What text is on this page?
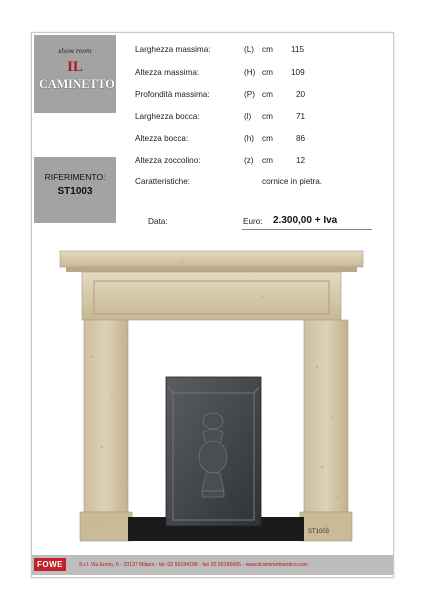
show room
IL
CAMINETTO
RIFERIMENTO:
ST1003
Larghezza massima:	(L) cm 115
Altezza massima:	(H) cm 109
Profondità massima:	(P) cm	20
Larghezza bocca:	(l) cm	71
Altezza bocca:	(h) cm	86
Altezza zoccolino:	(z) cm	12
Caratteristiche:	cornice in pietra.
Data:	Euro: 2.300,00 + Iva
ST1003
FOWE	S.r.l. Via Ennio, 6 - 20137 Milano - tel. 02 55184198 - fax 02 55185665 - www.ilcaminettoantico.com
